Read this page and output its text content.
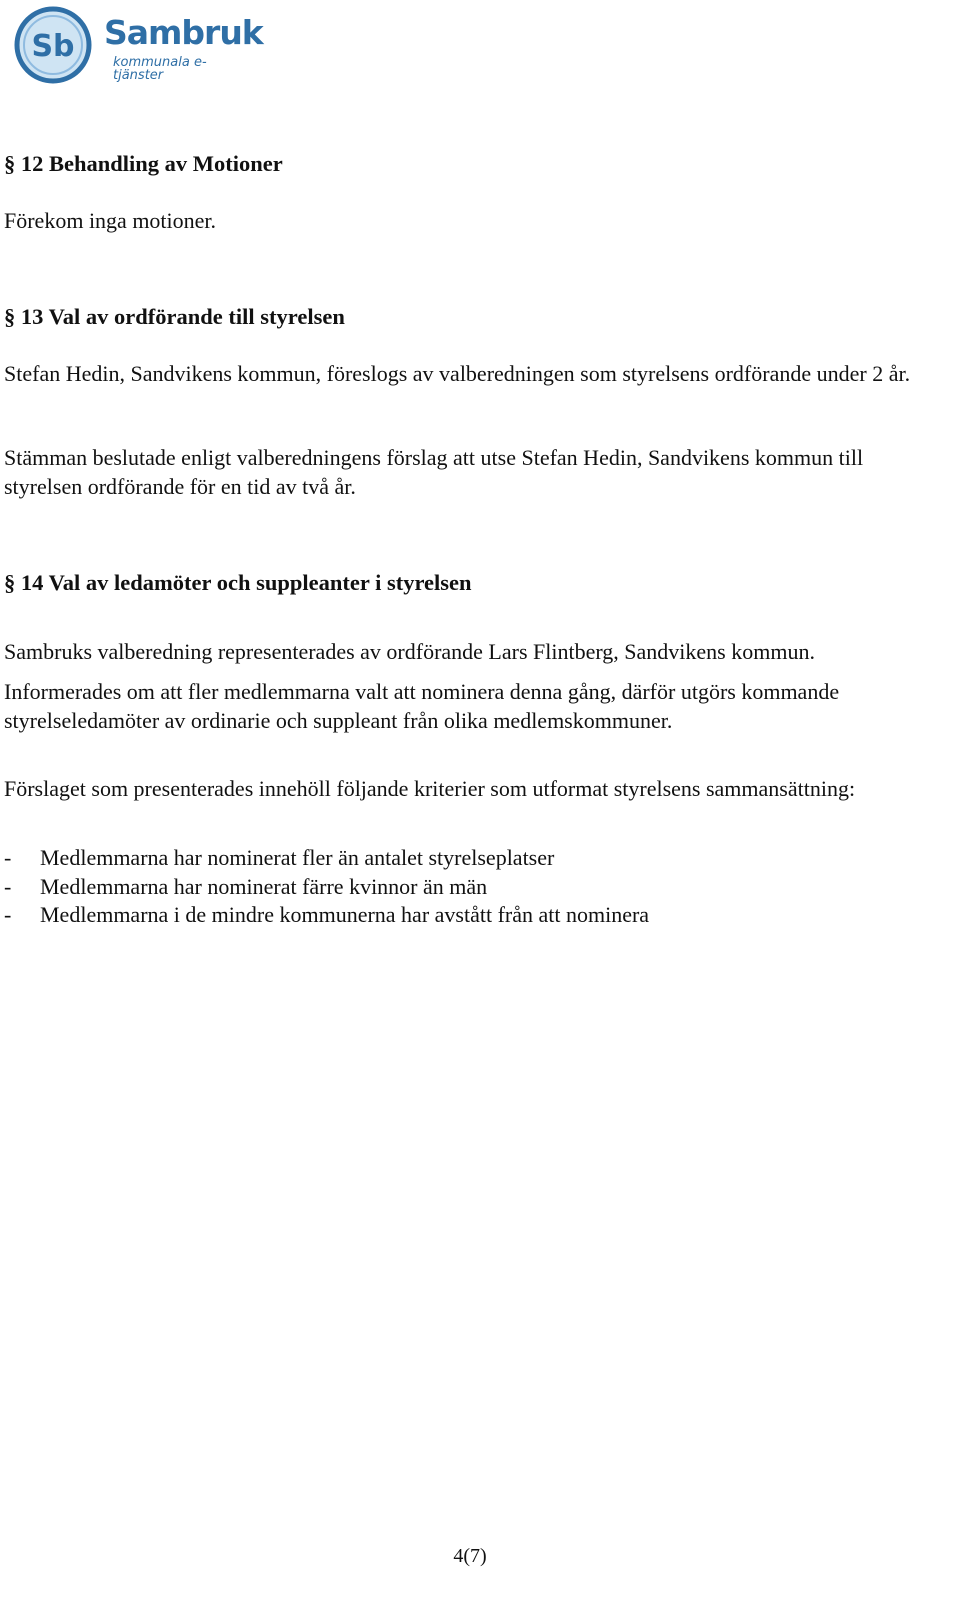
Sb Sambruk
kommunala e-tjänster
§ 12 Behandling av Motioner
Förekom inga motioner.
§ 13 Val av ordförande till styrelsen
Stefan Hedin, Sandvikens kommun, föreslogs av valberedningen som styrelsens ordförande under 2 år.
Stämman beslutade enligt valberedningens förslag att utse Stefan Hedin, Sandvikens kommun till styrelsen ordförande för en tid av två år.
§ 14 Val av ledamöter och suppleanter i styrelsen
Sambruks valberedning representerades av ordförande Lars Flintberg, Sandvikens kommun.
Informerades om att fler medlemmarna valt att nominera denna gång, därför utgörs kommande styrelseledamöter av ordinarie och suppleant från olika medlemskommuner.
Förslaget som presenterades innehöll följande kriterier som utformat styrelsens sammansättning:
- Medlemmarna har nominerat fler än antalet styrelseplatser
- Medlemmarna har nominerat färre kvinnor än män
- Medlemmarna i de mindre kommunerna har avstått från att nominera
4(7)
